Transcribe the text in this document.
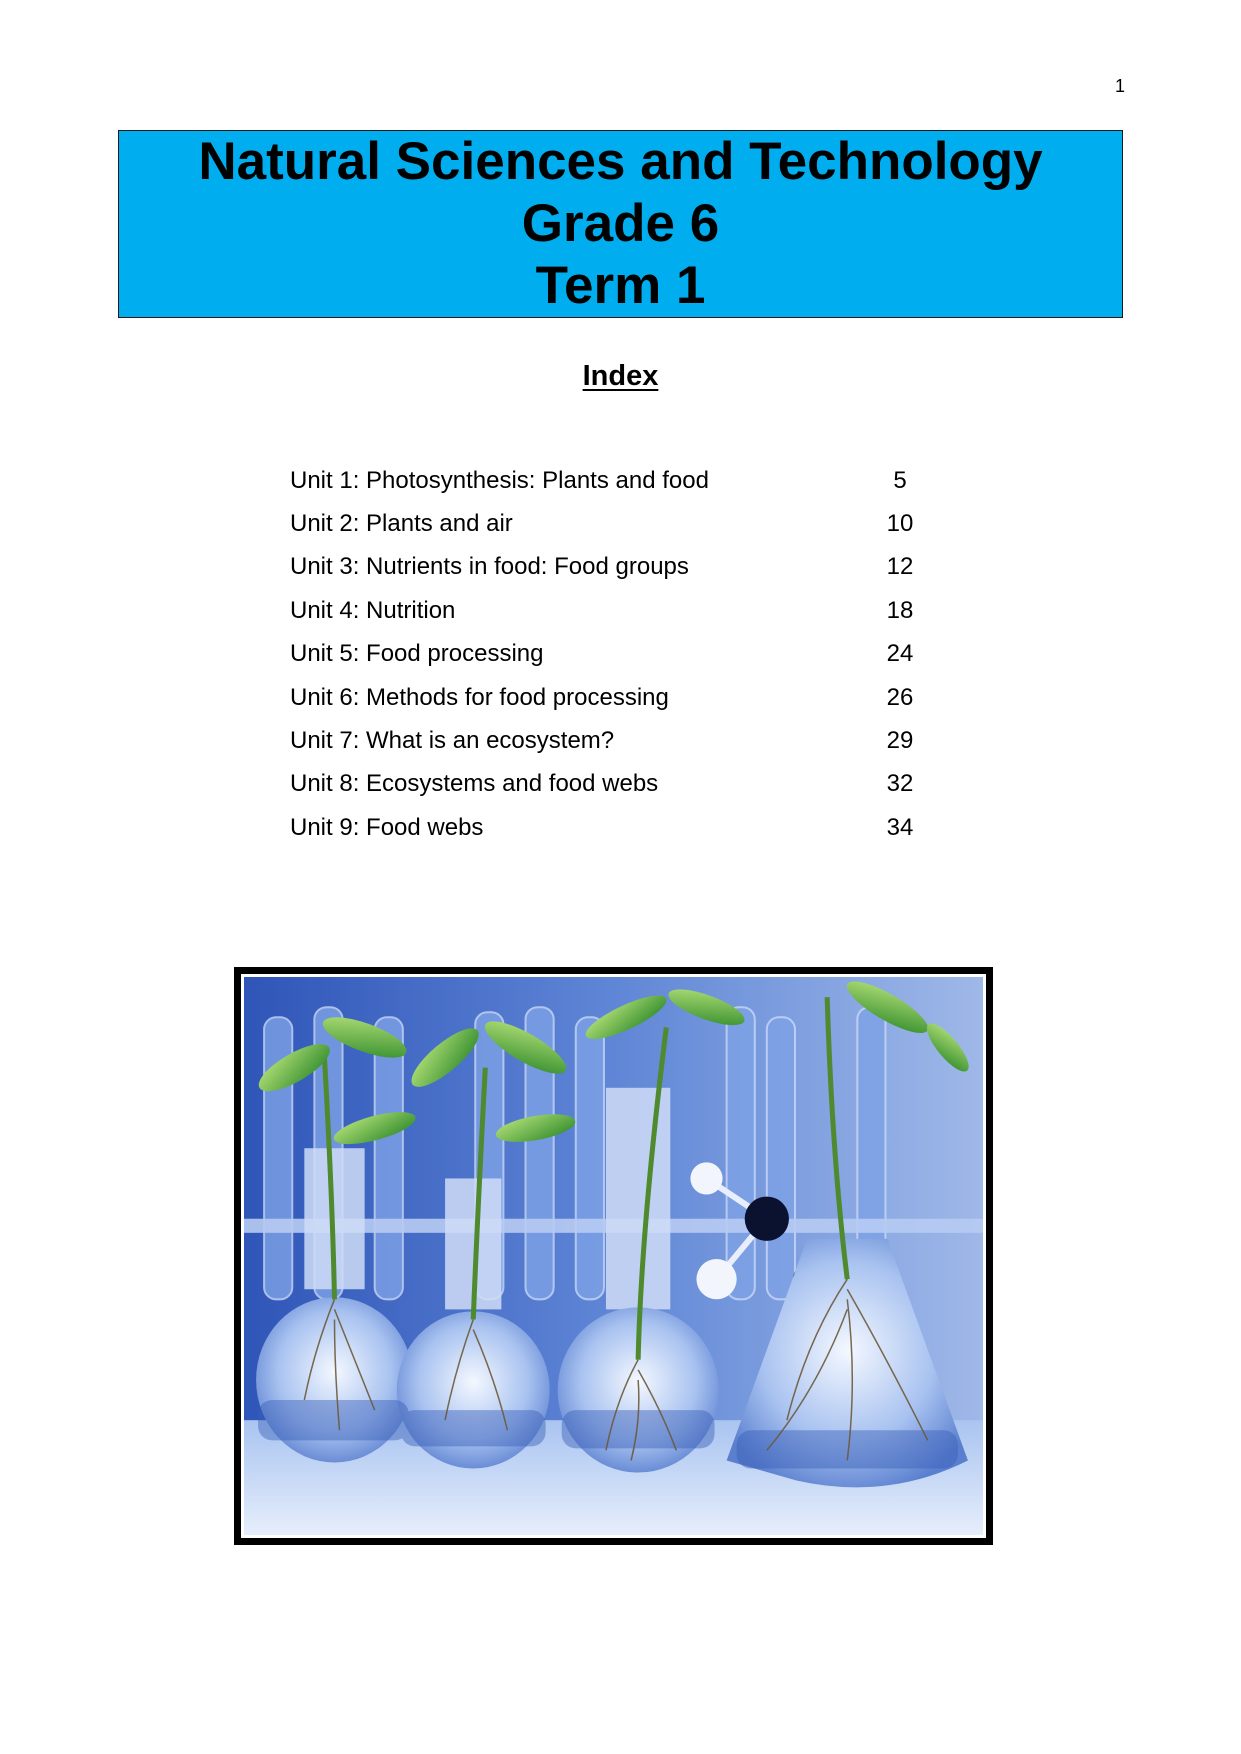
1
Natural Sciences and Technology
Grade 6
Term 1
Index
Unit 1: Photosynthesis: Plants and food	5
Unit 2: Plants and air	10
Unit 3: Nutrients in food: Food groups	12
Unit 4: Nutrition	18
Unit 5: Food processing	24
Unit 6: Methods for food processing	26
Unit 7: What is an ecosystem?	29
Unit 8: Ecosystems and food webs	32
Unit 9: Food webs	34
